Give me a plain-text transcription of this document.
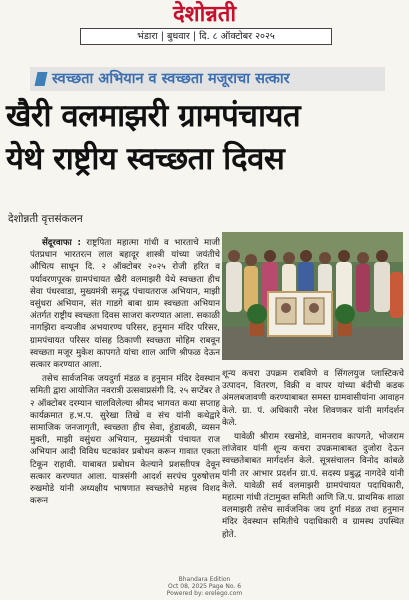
देशोन्नती
भंडारा | बुधवार | दि. ८ ऑक्टोबर २०२५
स्वच्छता अभियान व स्वच्छता मजूराचा सत्कार
खैरी वलमाझरी ग्रामपंचायत
येथे राष्ट्रीय स्वच्छता दिवस
देशोन्नती वृत्तसंकलन

सेंदूरवाफा : राष्ट्रपिता महात्मा गांधी व भारताचे माजी पंतप्रधान भारतरत्न लाल बहादूर शास्त्री यांच्या जयंतीचे औचित्य साधून दि. २ ऑक्टोबर २०२५ रोजी हरित व पर्यावरणपूरक ग्रामपंचायत खैरी वलमाझरी येथे स्वच्छता हीच सेवा पंधरवाडा, मुख्यमंत्री समृद्ध पंचायतराज अभियान, माझी वसुंधरा अभियान, संत गाडगे बाबा ग्राम स्वच्छता अभियान अंतर्गत राष्ट्रीय स्वच्छता दिवस साजरा करण्यात आला. सकाळी नागझिरा वन्यजीव अभयारण्य परिसर, हनुमान मंदिर परिसर, ग्रामपंचायत परिसर यांसह ठिकाणी स्वच्छता मोहिम राबवून स्वच्छता मजूर मुकेश कापगते यांचा शाल आणि श्रीफळ देऊन सत्कार करण्यात आला.

तसेच सार्वजनिक जयदुर्गा मंडळ व हनुमान मंदिर देवस्थान समिती द्वारा आयोजित नवरात्री उत्सवाप्रसंगी दि. २५ सप्टेंबर ते २ ऑक्टोबर दरम्यान चालविलेल्या श्रीमद भागवत कथा सप्ताह कार्यक्रमात ह.भ.प. सुरेखा तिखे व संच यांनी कथेद्वारे सामाजिक जनजागृती, स्वच्छता हीच सेवा, हुंडाबळी, व्यसन मुक्ती, माझी वसुंधरा अभियान, मुख्यमंत्री पंचायत राज अभियान आदी विविध घटकांवर प्रबोधन करून गावात एकता टिकून राहावी. याबाबत प्रबोधन केल्याने प्रशस्तीपत्र देवून सत्कार करण्यात आला. यात्रसंगी आदर्श सरपंच पुरुषोत्तम रुखमोडे यांनी अध्यक्षीय भाषणात स्वच्छतेचे महत्त्व विशद करून

शून्य कचरा उपक्रम राबविणे व सिंगलयुज प्लास्टिकचे उत्पादन, वितरण, विक्री व वापर यांच्या बंदीची कडक अंमलबजावणी करण्याबाबत समस्त ग्रामवासीयांना आवाहन केले. ग्रा. पं. अधिकारी नरेश शिवणकर यांनी मार्गदर्शन केले.

यावेळी श्रीराम रखमोडे, वामनराव कापगते, भोजराम लांजेवार यांनी शून्य कचरा उपक्रमाबाबत दुजोरा देऊन स्वच्छतेबाबत मार्गदर्शन केले. सूत्रसंचालन विनोद कांबळे यांनी तर आभार प्रदर्शन ग्रा.पं. सदस्य प्रबुद्ध नागदेवे यांनी केले. यावेळी सर्व वलमाझरी ग्रामपंचायत पदाधिकारी, महात्मा गांधी तंटामुक्त समिती आणि जि.प. प्राथमिक शाळा वलमाझरी तसेच सार्वजनिक जय दुर्गा मंडळ तथा हनुमान मंदिर देवस्थान समितीचे पदाधिकारी व ग्रामस्थ उपस्थित होते.

Bhandara Edition
Oct 08, 2025 Page No. 6
Powered by: erelego.com
